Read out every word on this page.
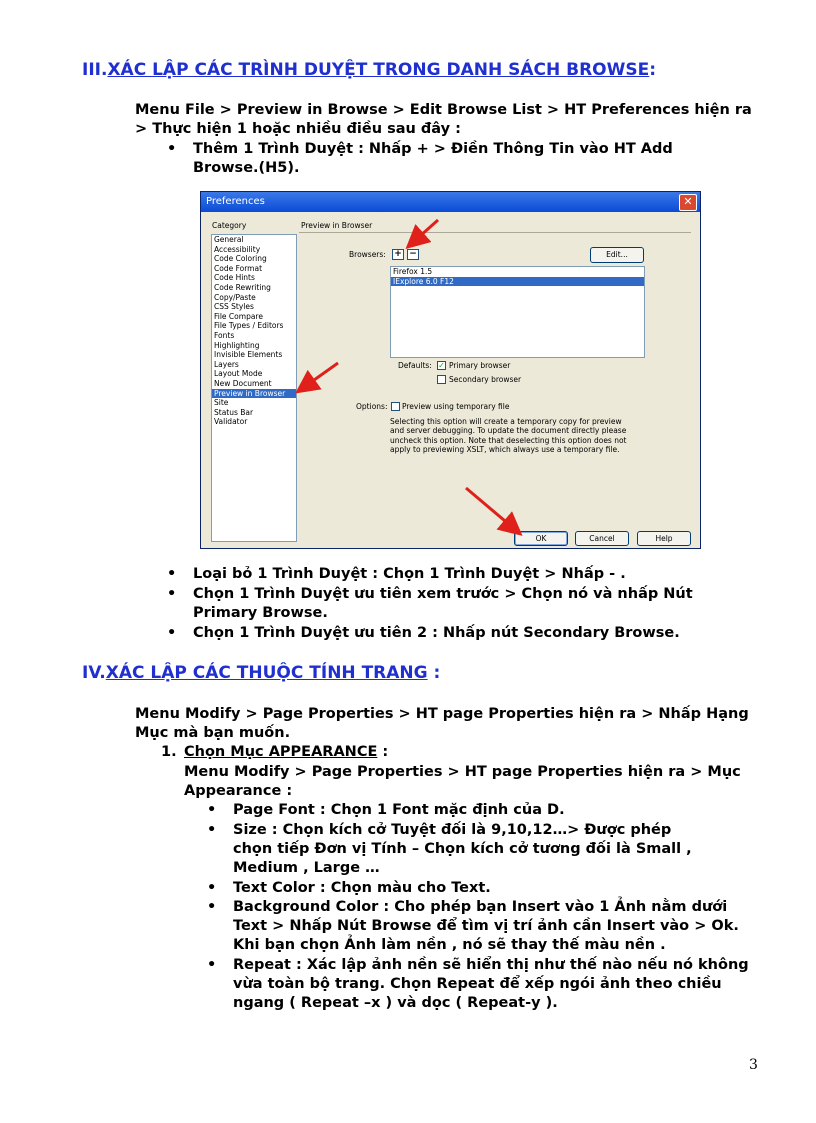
III.XÁC LẬP CÁC TRÌNH DUYỆT TRONG DANH SÁCH BROWSE:
Menu File > Preview in Browse > Edit Browse List > HT Preferences hiện ra > Thực hiện 1 hoặc nhiều điều sau đây :
• Thêm 1 Trình Duyệt : Nhấp + > Điền Thông Tin vào HT Add Browse.(H5).
Preferences	✕
Category	Preview in Browser
General
Accessibility
Code Coloring
Code Format
Code Hints
Code Rewriting
Copy/Paste
CSS Styles
File Compare
File Types / Editors
Fonts
Highlighting
Invisible Elements
Layers
Layout Mode
New Document
Preview in Browser
Site
Status Bar
Validator
Browsers: + −	Edit...
Firefox 1.5
IExplore 6.0 F12
Defaults: ✓ Primary browser
Secondary browser
Options: Preview using temporary file
Selecting this option will create a temporary copy for preview and server debugging. To update the document directly please uncheck this option. Note that deselecting this option does not apply to previewing XSLT, which always use a temporary file.
OK	Cancel	Help
• Loại bỏ 1 Trình Duyệt : Chọn 1 Trình Duyệt > Nhấp - .
• Chọn 1 Trình Duyệt ưu tiên xem trước > Chọn nó và nhấp Nút Primary Browse.
• Chọn 1 Trình Duyệt ưu tiên 2 : Nhấp nút Secondary Browse.
IV.XÁC LẬP CÁC THUỘC TÍNH TRANG :
Menu Modify > Page Properties > HT page Properties hiện ra > Nhấp Hạng Mục mà bạn muốn.
1. Chọn Mục APPEARANCE :
Menu Modify > Page Properties > HT page Properties hiện ra > Mục Appearance :
• Page Font : Chọn 1 Font mặc định của D.
• Size : Chọn kích cở Tuyệt đối là 9,10,12…> Được phép chọn tiếp Đơn vị Tính – Chọn kích cở tương đối là Small , Medium , Large …
• Text Color : Chọn màu cho Text.
• Background Color : Cho phép bạn Insert vào 1 Ảnh nằm dưới Text > Nhấp Nút Browse để tìm vị trí ảnh cần Insert vào > Ok. Khi bạn chọn Ảnh làm nền , nó sẽ thay thế màu nền .
• Repeat : Xác lập ảnh nền sẽ hiển thị như thế nào nếu nó không vừa toàn bộ trang. Chọn Repeat để xếp ngói ảnh theo chiều ngang ( Repeat –x ) và dọc ( Repeat-y ).
3
